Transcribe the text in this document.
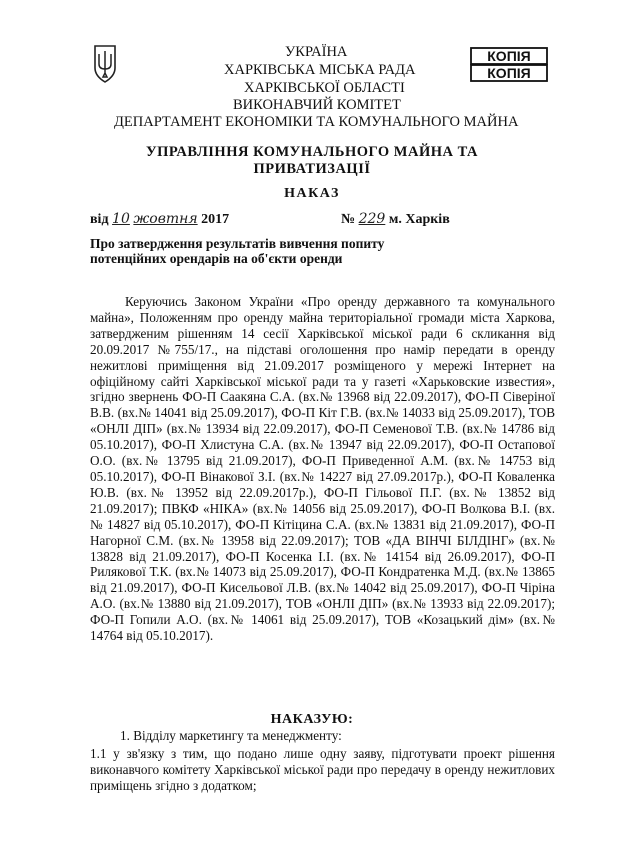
УКРАЇНА
ХАРКІВСЬКА МІСЬКА РАДА
ХАРКІВСЬКОЇ ОБЛАСТІ
ВИКОНАВЧИЙ КОМІТЕТ
ДЕПАРТАМЕНТ ЕКОНОМІКИ ТА КОМУНАЛЬНОГО МАЙНА
КОПІЯ
КОПІЯ
УПРАВЛІННЯ КОМУНАЛЬНОГО МАЙНА ТА
ПРИВАТИЗАЦІЇ
НАКАЗ
від 10 жовтня 2017	№ 229 м. Харків
Про затвердження результатів вивчення попиту потенційних орендарів на об'єкти оренди

Керуючись Законом України «Про оренду державного та комунального майна», Положенням про оренду майна територіальної громади міста Харкова, затвердженим рішенням 14 сесії Харківської міської ради 6 скликання від 20.09.2017 №755/17., на підставі оголошення про намір передати в оренду нежитлові приміщення від 21.09.2017 розміщеного у мережі Інтернет на офіційному сайті Харківської міської ради та у газеті «Харьковские известия», згідно звернень ФО-П Саакяна С.А. (вх.№ 13968 від 22.09.2017), ФО-П Сіверіної В.В. (вх.№ 14041 від 25.09.2017), ФО-П Кіт Г.В. (вх.№ 14033 від 25.09.2017), ТОВ «ОНЛІ ДІП» (вх.№ 13934 від 22.09.2017), ФО-П Семенової Т.В. (вх.№ 14786 від 05.10.2017), ФО-П Хлистуна С.А. (вх.№ 13947 від 22.09.2017), ФО-П Остапової О.О. (вх.№ 13795 від 21.09.2017), ФО-П Приведенної А.М. (вх.№ 14753 від 05.10.2017), ФО-П Вінакової З.І. (вх.№ 14227 від 27.09.2017р.), ФО-П Коваленка Ю.В. (вх.№ 13952 від 22.09.2017р.), ФО-П Гільової П.Г. (вх.№ 13852 від 21.09.2017); ПВКФ «НІКА» (вх.№ 14056 від 25.09.2017), ФО-П Волкова В.І. (вх.№ 14827 від 05.10.2017), ФО-П Кітіцина С.А. (вх.№ 13831 від 21.09.2017), ФО-П Нагорної С.М. (вх.№ 13958 від 22.09.2017); ТОВ «ДА ВІНЧІ БІЛДІНГ» (вх.№ 13828 від 21.09.2017), ФО-П Косенка І.І. (вх.№ 14154 від 26.09.2017), ФО-П Рилякової Т.К. (вх.№ 14073 від 25.09.2017), ФО-П Кондратенка М.Д. (вх.№ 13865 від 21.09.2017), ФО-П Кисельової Л.В. (вх.№ 14042 від 25.09.2017), ФО-П Чіріна А.О. (вх.№ 13880 від 21.09.2017), ТОВ «ОНЛІ ДІП» (вх.№ 13933 від 22.09.2017); ФО-П Гопили А.О. (вх.№ 14061 від 25.09.2017), ТОВ «Козацький дім» (вх.№ 14764 від 05.10.2017).

НАКАЗУЮ:
1. Відділу маркетингу та менеджменту:
1.1 у зв'язку з тим, що подано лише одну заяву, підготувати проект рішення виконавчого комітету Харківської міської ради про передачу в оренду нежитлових приміщень згідно з додатком;
